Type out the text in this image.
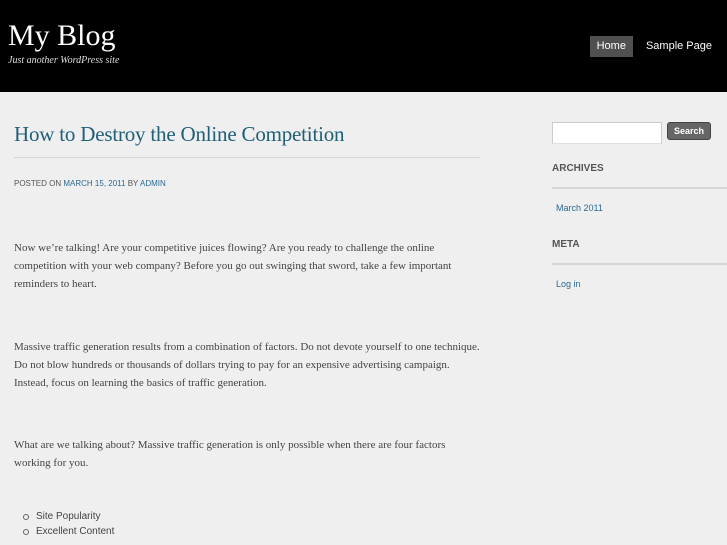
My Blog
Just another WordPress site
Home	Sample Page
How to Destroy the Online Competition
POSTED ON MARCH 15, 2011 BY ADMIN

Now we’re talking! Are your competitive juices flowing? Are you ready to challenge the online competition with your web company? Before you go out swinging that sword, take a few important reminders to heart.

Massive traffic generation results from a combination of factors. Do not devote yourself to one technique. Do not blow hundreds or thousands of dollars trying to pay for an expensive advertising campaign. Instead, focus on learning the basics of traffic generation.

What are we talking about? Massive traffic generation is only possible when there are four factors working for you.

Site Popularity
Excellent Content
Search
ARCHIVES
March 2011
META
Log in
